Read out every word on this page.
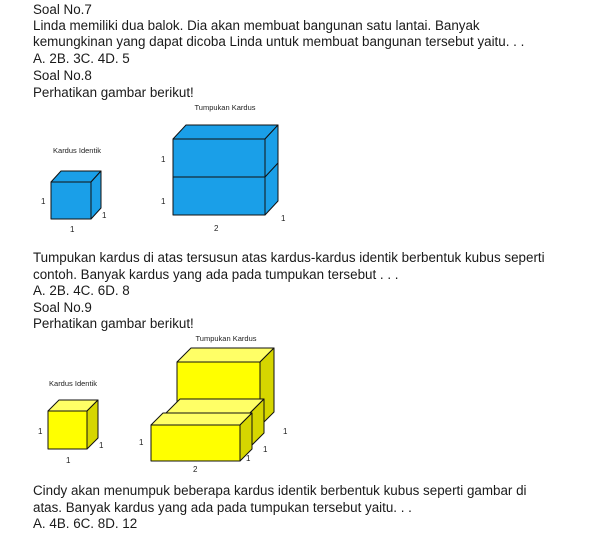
Soal No.7

Linda memiliki dua balok. Dia akan membuat bangunan satu lantai. Banyak

kemungkinan yang dapat dicoba Linda untuk membuat bangunan tersebut yaitu. . .

A. 2B. 3C. 4D. 5

Soal No.8

Perhatikan gambar berikut!

Kardus Identik
1
1
1
Tumpukan Kardus
1
1
1
2

Tumpukan kardus di atas tersusun atas kardus-kardus identik berbentuk kubus seperti

contoh. Banyak kardus yang ada pada tumpukan tersebut . . .

A. 2B. 4C. 6D. 8

Soal No.9

Perhatikan gambar berikut!

Kardus Identik
1
1
1
Tumpukan Kardus
1
1
1
1
2

Cindy akan menumpuk beberapa kardus identik berbentuk kubus seperti gambar di

atas. Banyak kardus yang ada pada tumpukan tersebut yaitu. . .

A. 4B. 6C. 8D. 12
